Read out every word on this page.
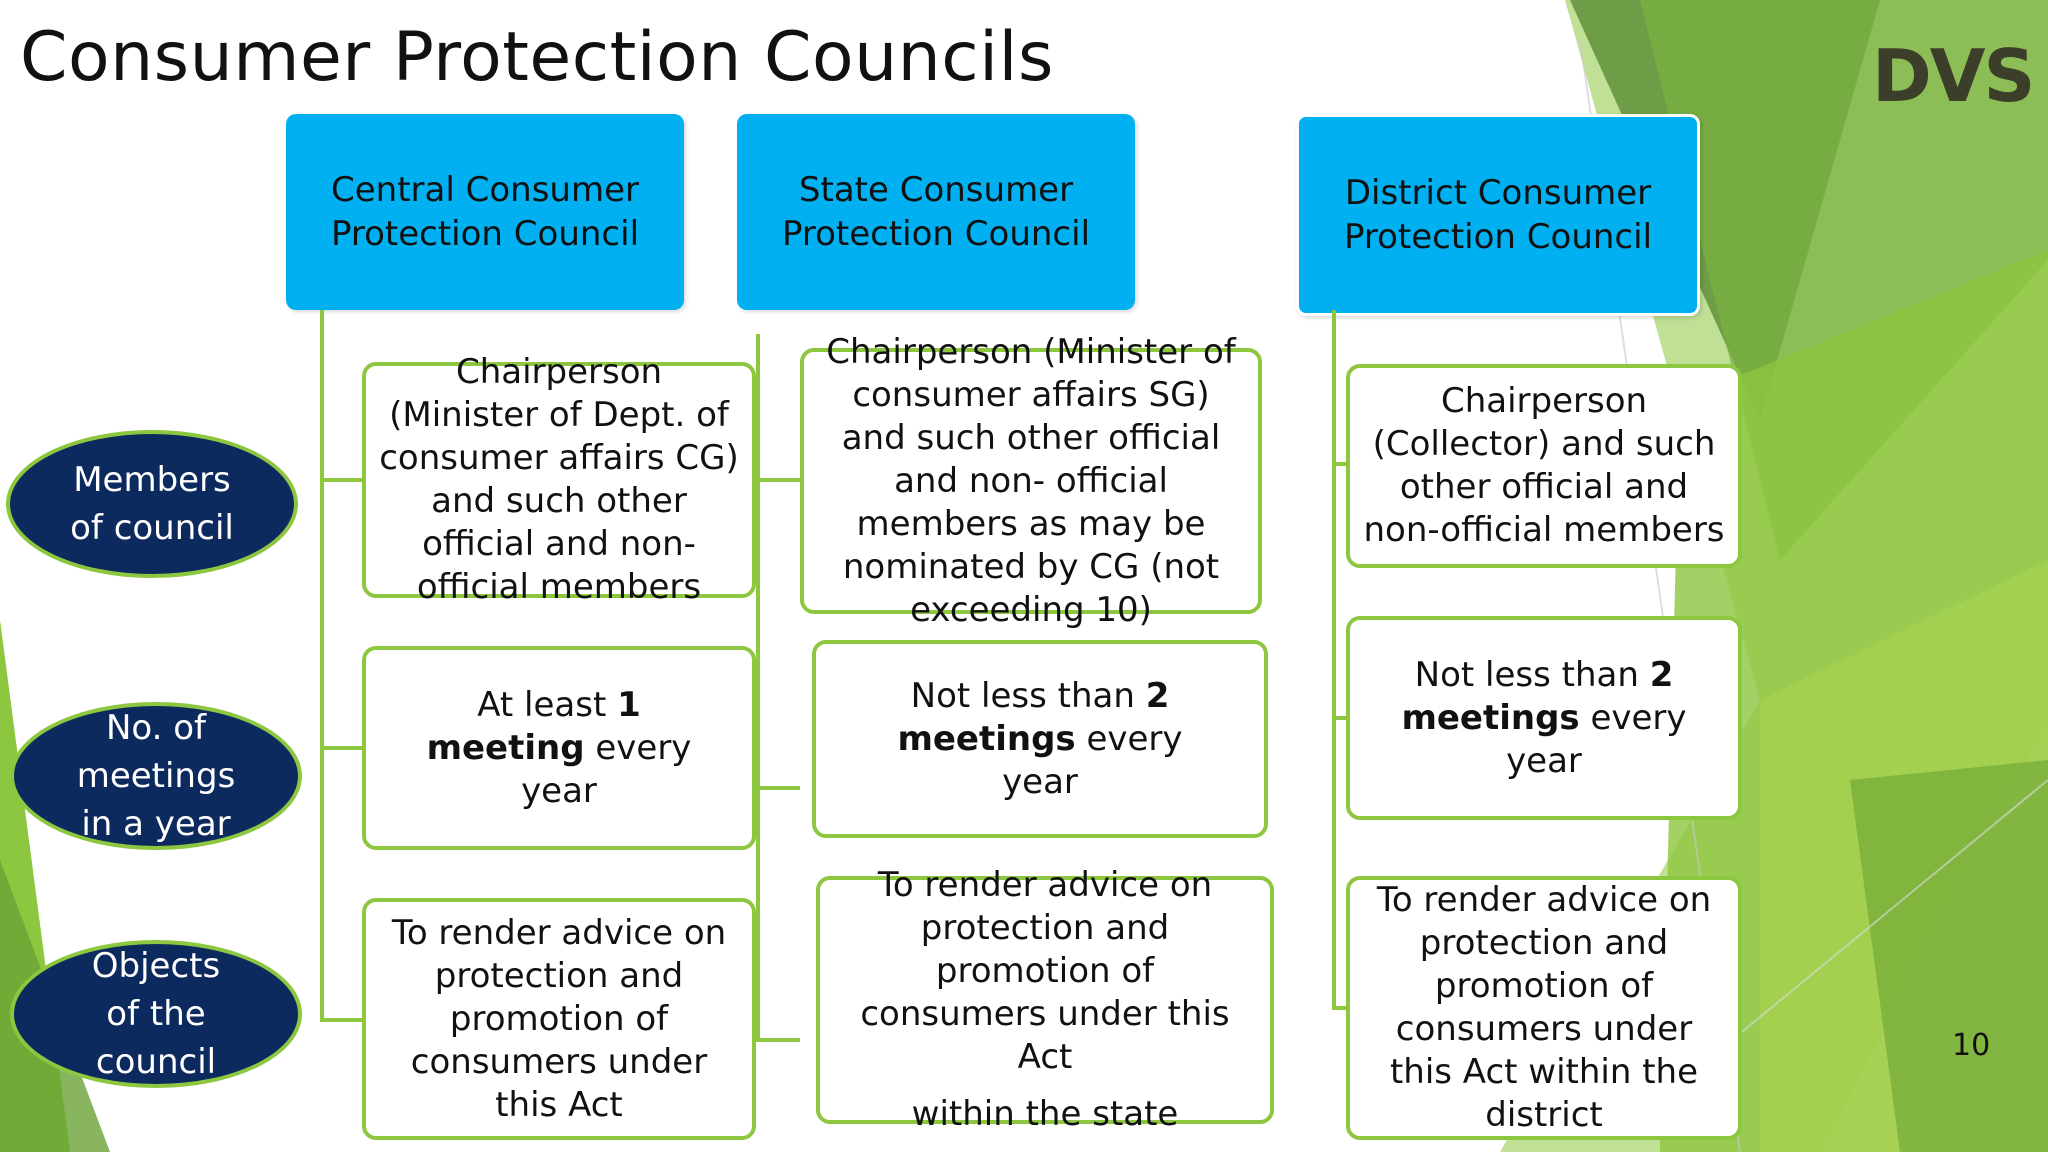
Consumer Protection Councils	DVS
Central Consumer Protection Council
State Consumer Protection Council
District Consumer Protection Council
Members of council
No. of meetings in a year
Objects of the council
Chairperson (Minister of Dept. of consumer affairs CG) and such other official and non-official members
At least 1 meeting every year
To render advice on protection and promotion of consumers under this Act
Chairperson (Minister of consumer affairs SG) and such other official and non- official members as may be nominated by CG (not exceeding 10)
Not less than 2 meetings every year
To render advice on protection and promotion of consumers under this Act
within the state
Chairperson (Collector) and such other official and non-official members
Not less than 2 meetings every year
To render advice on protection and promotion of consumers under this Act within the district
10
